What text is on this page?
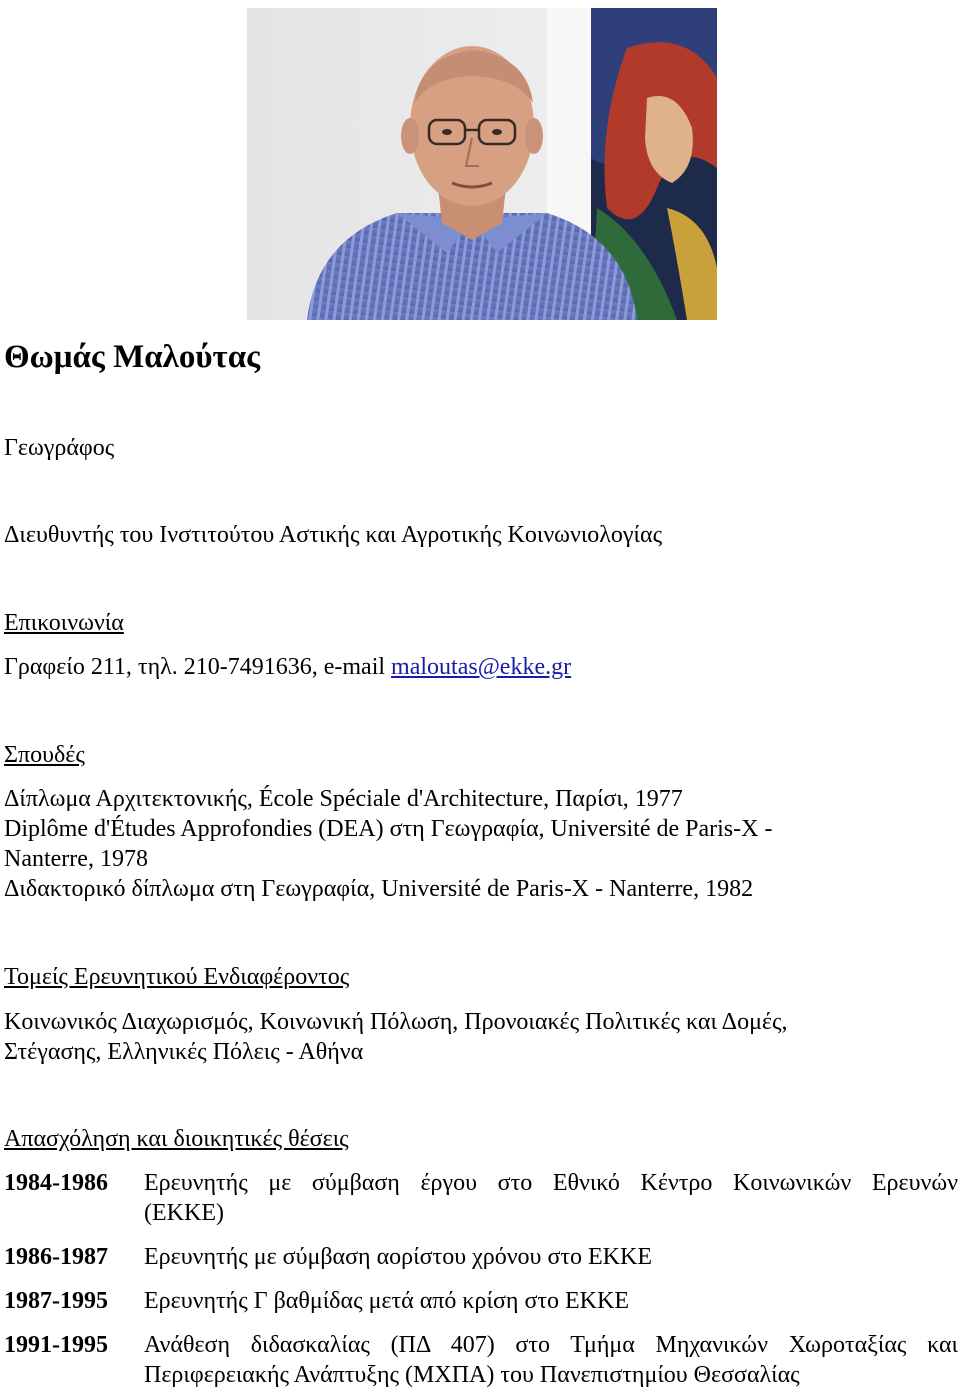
Θωμάς Μαλούτας
Γεωγράφος
Διευθυντής του Ινστιτούτου Αστικής και Αγροτικής Κοινωνιολογίας
Επικοινωνία
Γραφείο 211, τηλ. 210-7491636, e-mail maloutas@ekke.gr
Σπουδές
Δίπλωμα Αρχιτεκτονικής, École Spéciale d'Architecture, Παρίσι, 1977
Diplôme d'Études Approfondies (DEA) στη Γεωγραφία, Université de Paris-X -
Nanterre, 1978
Διδακτορικό δίπλωμα στη Γεωγραφία, Université de Paris-X - Nanterre, 1982
Τομείς Ερευνητικού Ενδιαφέροντος
Κοινωνικός Διαχωρισμός, Κοινωνική Πόλωση, Προνοιακές Πολιτικές και Δομές,
Στέγασης, Ελληνικές Πόλεις - Αθήνα
Απασχόληση και διοικητικές θέσεις
1984-1986	Ερευνητής με σύμβαση έργου στο Εθνικό Κέντρο Κοινωνικών Ερευνών
(ΕΚΚΕ)
1986-1987	Ερευνητής με σύμβαση αορίστου χρόνου στο ΕΚΚΕ
1987-1995	Ερευνητής Γ βαθμίδας μετά από κρίση στο ΕΚΚΕ
1991-1995	Ανάθεση διδασκαλίας (ΠΔ 407) στο Τμήμα Μηχανικών Χωροταξίας και
Περιφερειακής Ανάπτυξης (ΜΧΠΑ) του Πανεπιστημίου Θεσσαλίας
